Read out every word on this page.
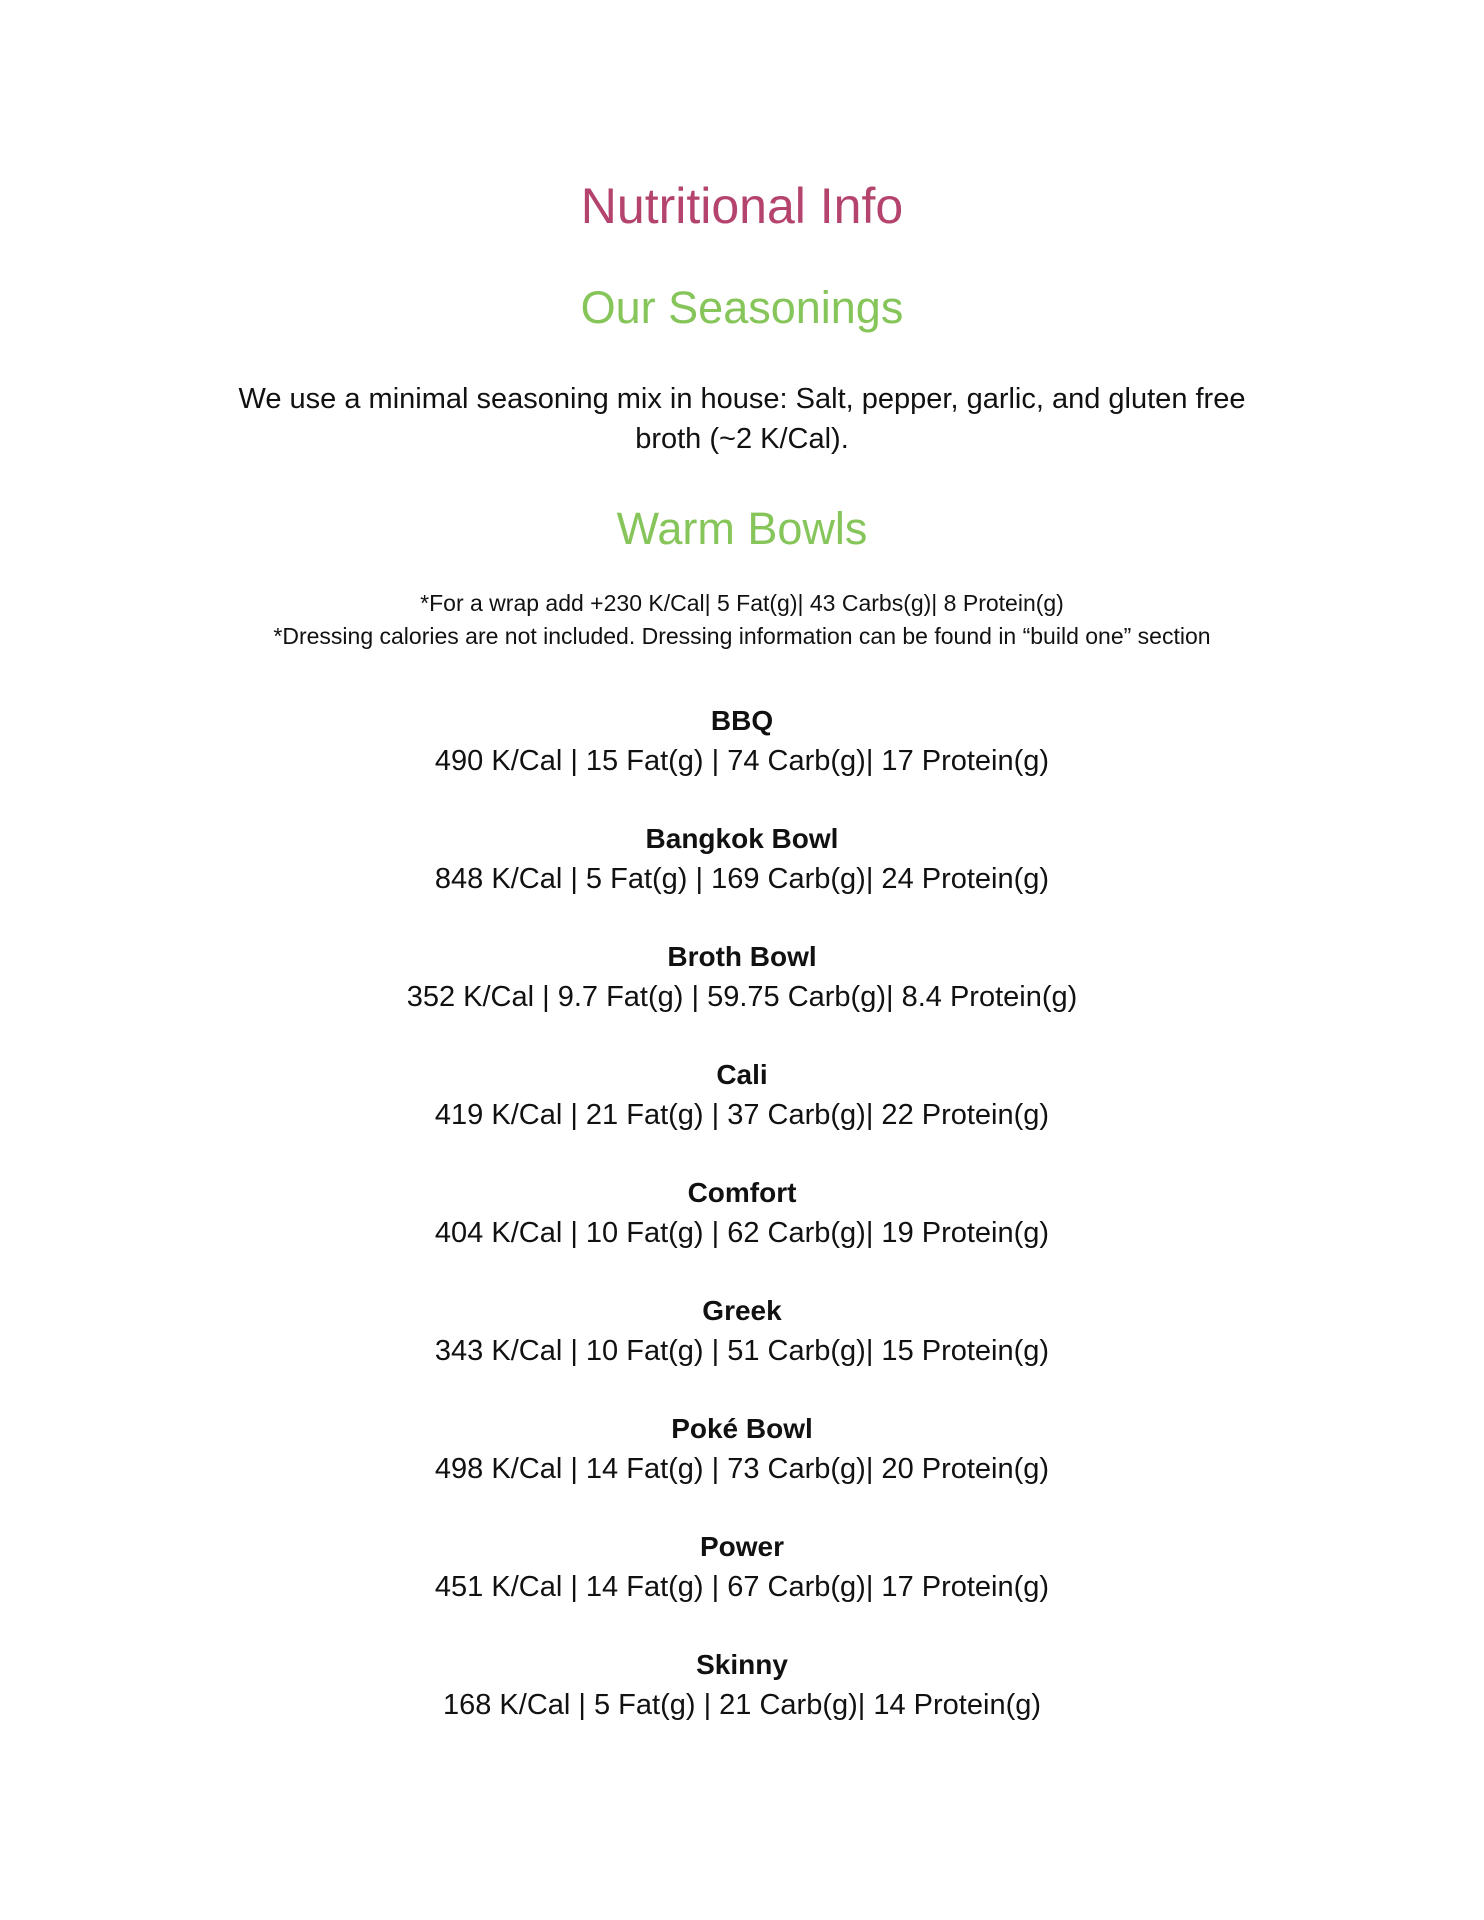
Nutritional Info
Our Seasonings

We use a minimal seasoning mix in house: Salt, pepper, garlic, and gluten free broth (~2 K/Cal).

Warm Bowls
*For a wrap add +230 K/Cal| 5 Fat(g)| 43 Carbs(g)| 8 Protein(g)
*Dressing calories are not included. Dressing information can be found in “build one” section
BBQ
490 K/Cal | 15 Fat(g) | 74 Carb(g)| 17 Protein(g)
Bangkok Bowl
848 K/Cal | 5 Fat(g) | 169 Carb(g)| 24 Protein(g)
Broth Bowl
352 K/Cal | 9.7 Fat(g) | 59.75 Carb(g)| 8.4 Protein(g)
Cali
419 K/Cal | 21 Fat(g) | 37 Carb(g)| 22 Protein(g)
Comfort
404 K/Cal | 10 Fat(g) | 62 Carb(g)| 19 Protein(g)
Greek
343 K/Cal | 10 Fat(g) | 51 Carb(g)| 15 Protein(g)
Poké Bowl
498 K/Cal | 14 Fat(g) | 73 Carb(g)| 20 Protein(g)
Power
451 K/Cal | 14 Fat(g) | 67 Carb(g)| 17 Protein(g)
Skinny
168 K/Cal | 5 Fat(g) | 21 Carb(g)| 14 Protein(g)
